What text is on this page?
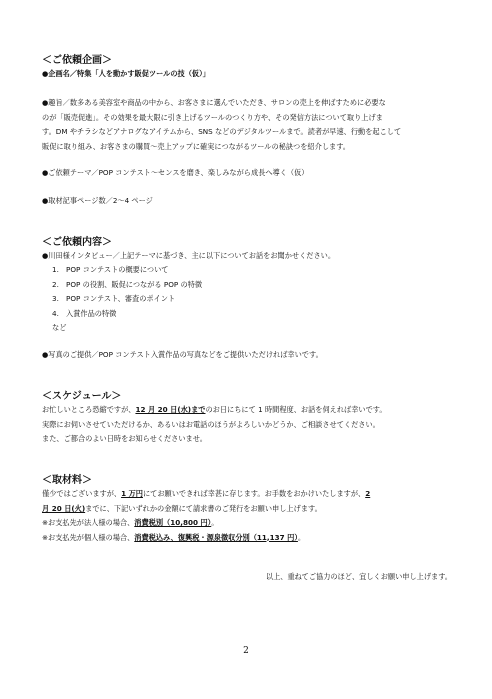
＜ご依頼企画＞
●企画名／特集「人を動かす販促ツールの技（仮）」
●趣旨／数多ある美容室や商品の中から、お客さまに選んでいただき、サロンの売上を伸ばすために必要な
のが「販売促進」。その効果を最大限に引き上げるツールのつくり方や、その発信方法について取り上げま
す。DM やチラシなどアナログなアイテムから、SNS などのデジタルツールまで。読者が早速、行動を起こして
販促に取り組み、お客さまの購買～売上アップに確実につながるツールの秘訣つを紹介します。
●ご依頼テーマ／POP コンテスト～センスを磨き、楽しみながら成長へ導く（仮）
●取材記事ページ数／2～4 ページ
＜ご依頼内容＞
●川田様インタビュー／上記テーマに基づき、主に以下についてお話をお聞かせください。
1.　POP コンテストの概要について
2.　POP の役割、販促につながる POP の特徴
3.　POP コンテスト、審査のポイント
4.　入賞作品の特徴
など
●写真のご提供／POP コンテスト入賞作品の写真などをご提供いただければ幸いです。
＜スケジュール＞
お忙しいところ恐縮ですが、12 月 20 日(水)までのお日にちにて 1 時間程度、お話を伺えれば幸いです。
実際にお伺いさせていただけるか、あるいはお電話のほうがよろしいかどうか、ご相談させてください。
また、ご都合のよい日時をお知らせくださいませ。
＜取材料＞
僅少ではございますが、1 万円にてお願いできれば幸甚に存じます。お手数をおかけいたしますが、2
月 20 日(火)までに、下記いずれかの金額にて請求書のご発行をお願い申し上げます。
※お支払先が法人様の場合、消費税別（10,800 円）。
※お支払先が個人様の場合、消費税込み、復興税・源泉徴収分別（11,137 円）。
以上、重ねてご協力のほど、宜しくお願い申し上げます。
2
